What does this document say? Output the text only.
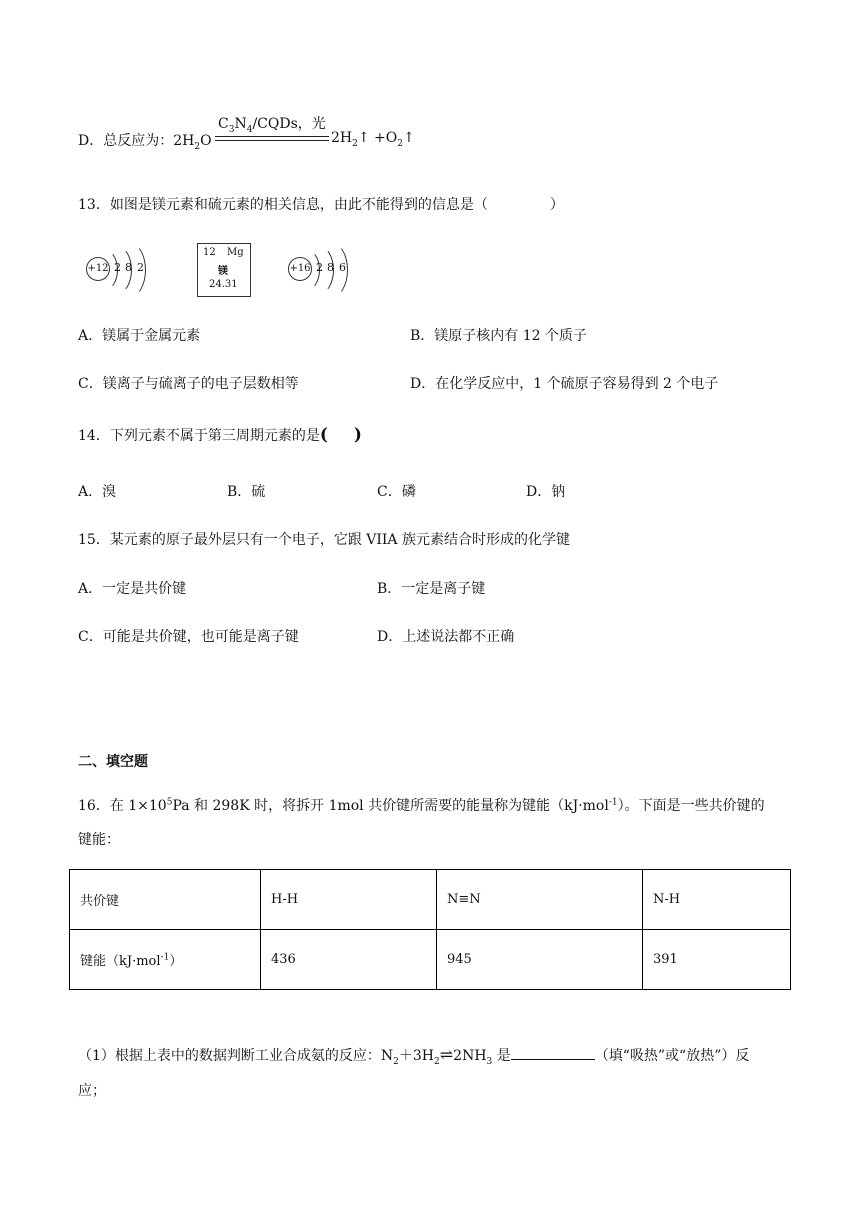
D．总反应为：$2H_2O$
$C_3N_4$/CQDs，光
$2H_2↑$ $+O_2↑$
13．如图是镁元素和硫元素的相关信息，由此不能得到的信息是（	）
+12 2 8 2
12 Mg
镁
24.31
+16 2 8 6
A．镁属于金属元素	B．镁原子核内有 12 个质子
C．镁离子与硫离子的电子层数相等	D．在化学反应中，1 个硫原子容易得到 2 个电子
14．下列元素不属于第三周期元素的是( )
A．溴	B．硫	C．磷	D．钠
15．某元素的原子最外层只有一个电子，它跟 VIIA 族元素结合时形成的化学键
A．一定是共价键	B．一定是离子键
C．可能是共价键，也可能是离子键	D．上述说法都不正确
二、填空题
16．在 $1\times 10^5Pa$ 和 298K 时，将拆开 1mol 共价键所需要的能量称为键能（kJ·mol$^{-1}$）。下面是一些共价键的
键能：
共价键	H-H	N≡N	N-H
键能（kJ·mol$^{-1}$）	436	945	391
（1）根据上表中的数据判断工业合成氨的反应：$N_2+3H_2\rightleftharpoons 2NH_3$ 是	（填“吸热”或“放热”）反
应；
